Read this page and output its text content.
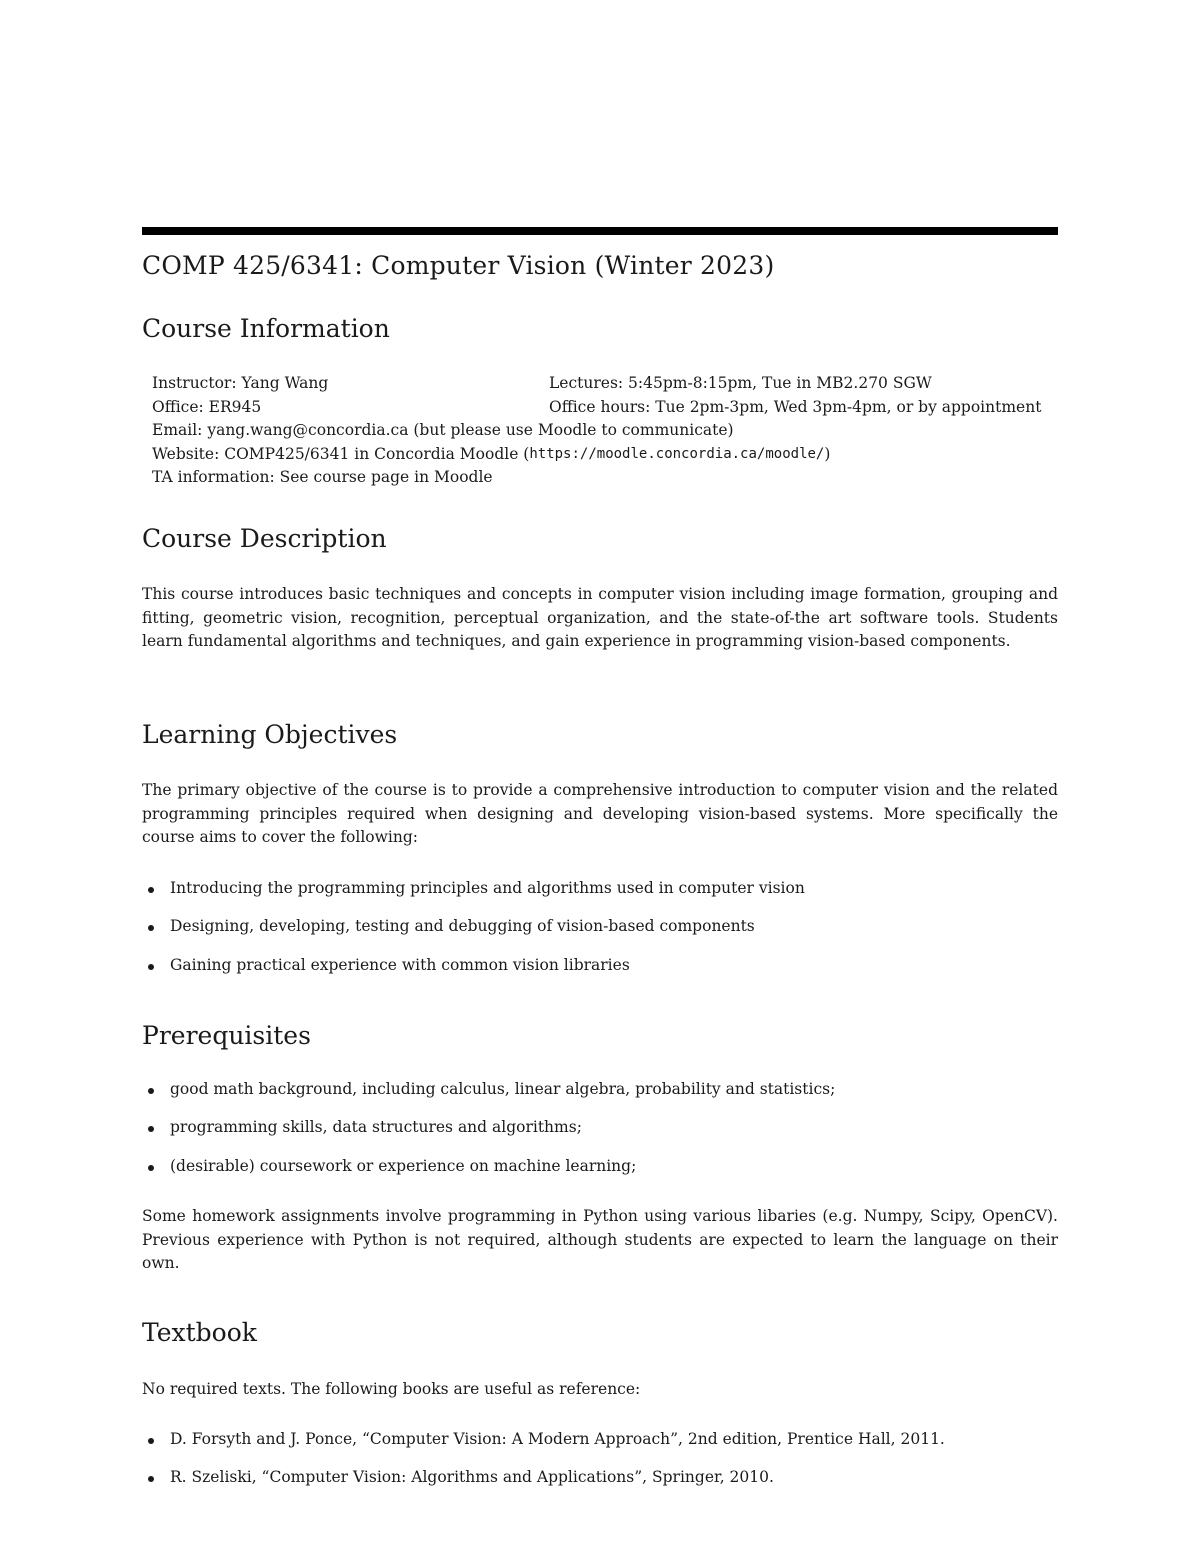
COMP 425/6341: Computer Vision (Winter 2023)
Course Information
Instructor: Yang Wang	Lectures: 5:45pm-8:15pm, Tue in MB2.270 SGW
Office: ER945	Office hours: Tue 2pm-3pm, Wed 3pm-4pm, or by appointment
Email: yang.wang@concordia.ca (but please use Moodle to communicate)
Website: COMP425/6341 in Concordia Moodle ( https://moodle.concordia.ca/moodle/ )
TA information: See course page in Moodle
Course Description
This course introduces basic techniques and concepts in computer vision including image formation, grouping and fitting, geometric vision, recognition, perceptual organization, and the state-of-the art software tools. Students learn fundamental algorithms and techniques, and gain experience in programming vision-based components.
Learning Objectives
The primary objective of the course is to provide a comprehensive introduction to computer vision and the related programming principles required when designing and developing vision-based systems. More specifically the course aims to cover the following:
Introducing the programming principles and algorithms used in computer vision
Designing, developing, testing and debugging of vision-based components
Gaining practical experience with common vision libraries
Prerequisites
good math background, including calculus, linear algebra, probability and statistics;
programming skills, data structures and algorithms;
(desirable) coursework or experience on machine learning;
Some homework assignments involve programming in Python using various libaries (e.g. Numpy, Scipy, OpenCV). Previous experience with Python is not required, although students are expected to learn the language on their own.
Textbook
No required texts. The following books are useful as reference:
D. Forsyth and J. Ponce, “Computer Vision: A Modern Approach”, 2nd edition, Prentice Hall, 2011.
R. Szeliski, “Computer Vision: Algorithms and Applications”, Springer, 2010.
